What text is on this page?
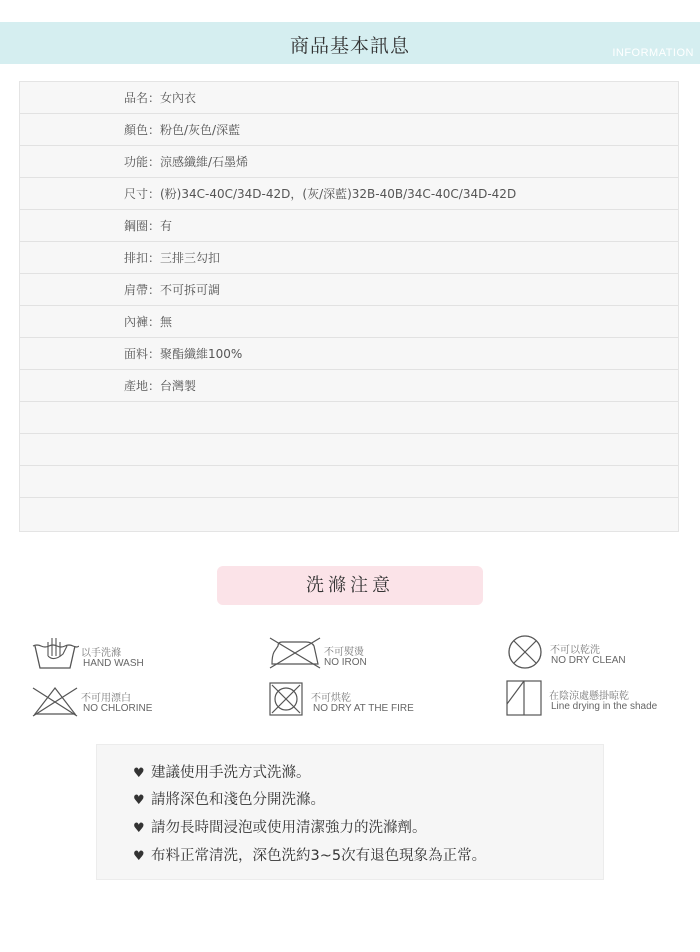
商品基本訊息	INFORMATION
品名：女內衣
顏色：粉色/灰色/深藍
功能：涼感纖維/石墨烯
尺寸：(粉)34C-40C/34D-42D，(灰/深藍)32B-40B/34C-40C/34D-42D
鋼圈：有
排扣：三排三勾扣
肩帶：不可拆可調
內褲：無
面料：聚酯纖維100%
產地：台灣製
洗滌注意
以手洗滌
HAND WASH
不可熨燙
NO IRON
不可以乾洗
NO DRY CLEAN
不可用漂白
NO CHLORINE
不可烘乾
NO DRY AT THE FIRE
在陰涼處懸掛晾乾
Line drying in the shade
♥ 建議使用手洗方式洗滌。
♥ 請將深色和淺色分開洗滌。
♥ 請勿長時間浸泡或使用清潔強力的洗滌劑。
♥ 布料正常清洗，深色洗約3~5次有退色現象為正常。
